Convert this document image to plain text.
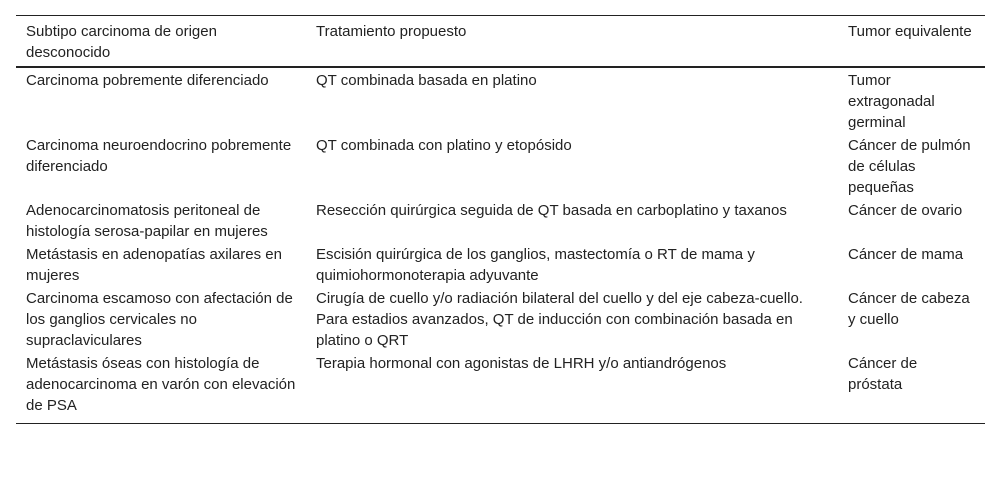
Subtipo carcinoma de origen desconocido	Tratamiento propuesto	Tumor equivalente
Carcinoma pobremente diferenciado	QT combinada basada en platino	Tumor extragonadal germinal
Carcinoma neuroendocrino pobremente diferenciado	QT combinada con platino y etopósido	Cáncer de pulmón de células pequeñas
Adenocarcinomatosis peritoneal de histología serosa-papilar en mujeres	Resección quirúrgica seguida de QT basada en carboplatino y taxanos	Cáncer de ovario
Metástasis en adenopatías axilares en mujeres	Escisión quirúrgica de los ganglios, mastectomía o RT de mama y quimiohormonoterapia adyuvante	Cáncer de mama
Carcinoma escamoso con afectación de los ganglios cervicales no supraclaviculares	Cirugía de cuello y/o radiación bilateral del cuello y del eje cabeza-cuello. Para estadios avanzados, QT de inducción con combinación basada en platino o QRT	Cáncer de cabeza y cuello
Metástasis óseas con histología de adenocarcinoma en varón con elevación de PSA	Terapia hormonal con agonistas de LHRH y/o antiandrógenos	Cáncer de próstata
